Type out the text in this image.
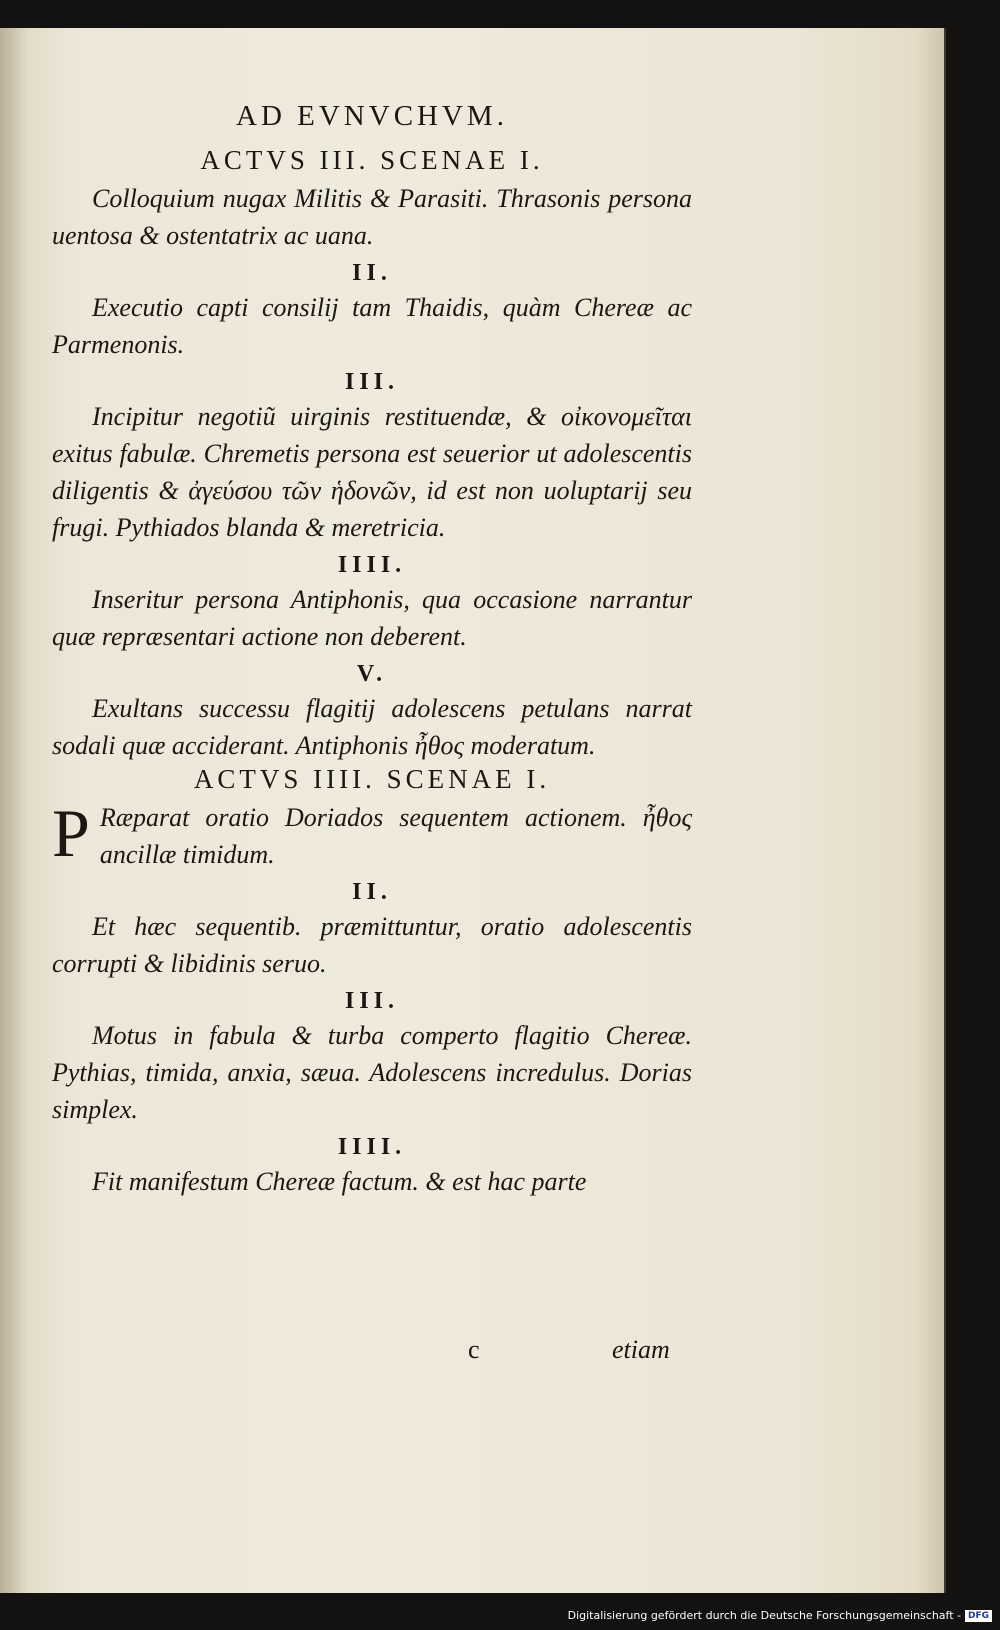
AD EVNVCHVM.
ACTVS III. SCENAE I.

Colloquium nugax Militis & Parasiti. Thrasonis persona uentosa & ostentatrix ac uana.

II.

Executio capti consilij tam Thaidis, quàm Chereæ ac Parmenonis.

III.

Incipitur negotiũ uirginis restituendæ, & οἰκονομεῖται exitus fabulæ. Chremetis persona est seuerior ut adolescentis diligentis & ἀγεύσου τῶν ἡδονῶν, id est non uoluptarij seu frugi. Pythiados blanda & meretricia.

IIII.

Inseritur persona Antiphonis, qua occasione narrantur quæ repræsentari actione non deberent.

V.

Exultans successu flagitij adolescens petulans narrat sodali quæ acciderant. Antiphonis ἦθος moderatum.

ACTVS IIII. SCENAE I.

P Ræparat oratio Doriados sequentem actionem. ἦθος ancillæ timidum.

II.

Et hæc sequentib. præmittuntur, oratio adolescentis corrupti & libidinis seruo.

III.

Motus in fabula & turba comperto flagitio Chereæ. Pythias, timida, anxia, sæua. Adolescens incredulus. Dorias simplex.

IIII.

Fit manifestum Chereæ factum. & est hac parte

c	etiam
Digitalisierung gefördert durch die Deutsche Forschungsgemeinschaft - DFG
